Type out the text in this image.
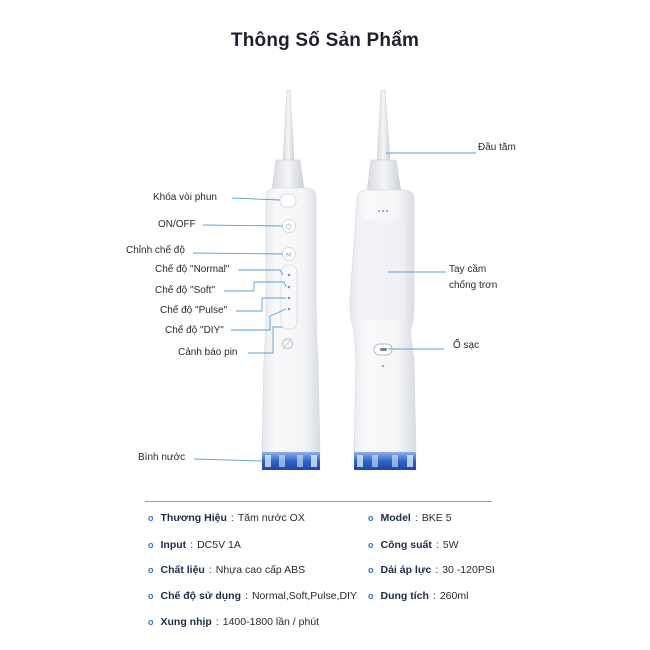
Thông Số Sản Phẩm
⏻
M
∅
Khóa vòi phun
ON/OFF
Chỉnh chế độ
Chế độ "Normal"
Chế độ "Soft"
Chế độ "Pulse"
Chế độ "DIY"
Cảnh báo pin
Bình nước
Đầu tăm
Tay cầm
chống trơn
Ổ sạc
o Thương Hiệu : Tăm nước OX
o Input : DC5V 1A
o Chất liệu : Nhựa cao cấp ABS
o Chế độ sử dụng : Normal,Soft,Pulse,DIY
o Xung nhịp : 1400-1800 lần / phút
o Model : BKE 5
o Công suất : 5W
o Dải áp lực : 30 -120PSI
o Dung tích : 260ml
